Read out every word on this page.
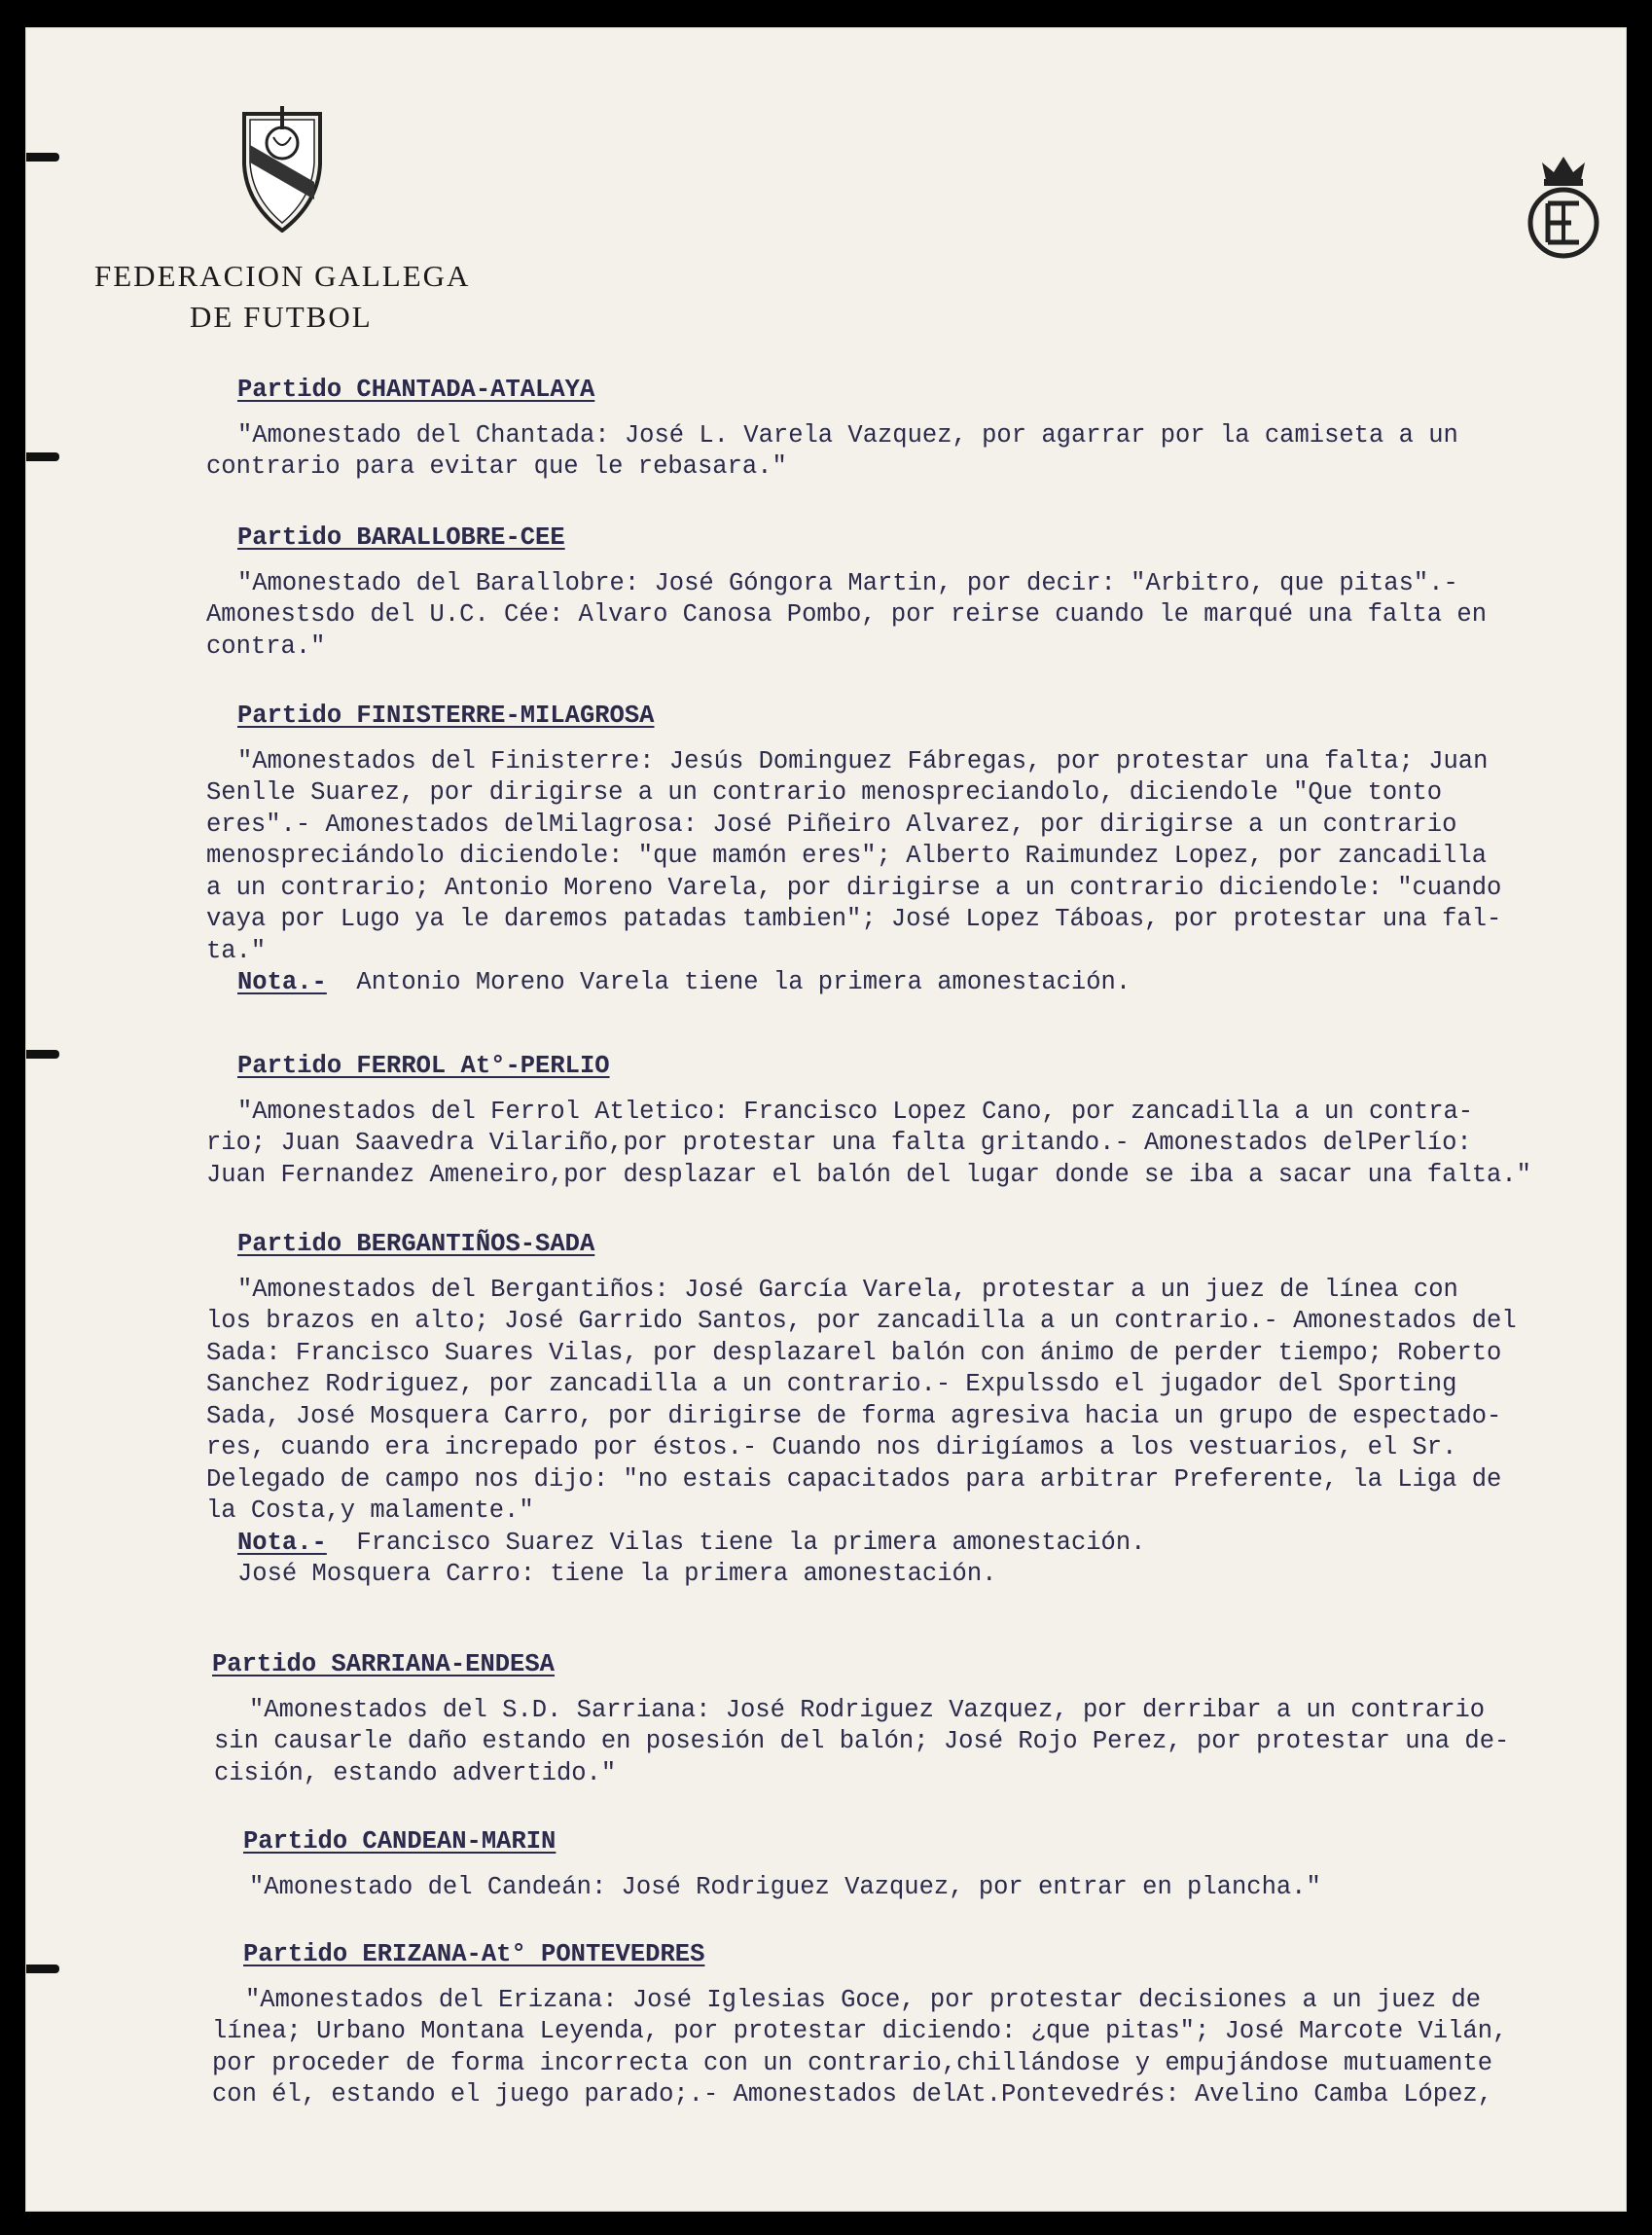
FEDERACION GALLEGA
DE FUTBOL

Partido CHANTADA-ATALAYA

"Amonestado del Chantada: José L. Varela Vazquez, por agarrar por la camiseta a un
contrario para evitar que le rebasara."

Partido BARALLOBRE-CEE

"Amonestado del Barallobre: José Góngora Martin, por decir: "Arbitro, que pitas".-
Amonestsdo del U.C. Cée: Alvaro Canosa Pombo, por reirse cuando le marqué una falta en
contra."

Partido FINISTERRE-MILAGROSA

"Amonestados del Finisterre: Jesús Dominguez Fábregas, por protestar una falta; Juan
Senlle Suarez, por dirigirse a un contrario menospreciandolo, diciendole "Que tonto
eres".- Amonestados delMilagrosa: José Piñeiro Alvarez, por dirigirse a un contrario
menospreciándolo diciendole: "que mamón eres"; Alberto Raimundez Lopez, por zancadilla
a un contrario; Antonio Moreno Varela, por dirigirse a un contrario diciendole: "cuando
vaya por Lugo ya le daremos patadas tambien"; José Lopez Táboas, por protestar una fal-
ta."

Nota.-  Antonio Moreno Varela tiene la primera amonestación.

Partido FERROL At°-PERLIO

"Amonestados del Ferrol Atletico: Francisco Lopez Cano, por zancadilla a un contra-
rio; Juan Saavedra Vilariño,por protestar una falta gritando.- Amonestados delPerlío:
Juan Fernandez Ameneiro,por desplazar el balón del lugar donde se iba a sacar una falta."

Partido BERGANTIÑOS-SADA

"Amonestados del Bergantiños: José García Varela, protestar a un juez de línea con
los brazos en alto; José Garrido Santos, por zancadilla a un contrario.- Amonestados del
Sada: Francisco Suares Vilas, por desplazarel balón con ánimo de perder tiempo; Roberto
Sanchez Rodriguez, por zancadilla a un contrario.- Expulssdo el jugador del Sporting
Sada, José Mosquera Carro, por dirigirse de forma agresiva hacia un grupo de espectado-
res, cuando era increpado por éstos.- Cuando nos dirigíamos a los vestuarios, el Sr.
Delegado de campo nos dijo: "no estais capacitados para arbitrar Preferente, la Liga de
la Costa,y malamente."

Nota.-  Francisco Suarez Vilas tiene la primera amonestación.

José Mosquera Carro: tiene la primera amonestación.

Partido SARRIANA-ENDESA

"Amonestados del S.D. Sarriana: José Rodriguez Vazquez, por derribar a un contrario
sin causarle daño estando en posesión del balón; José Rojo Perez, por protestar una de-
cisión, estando advertido."

Partido CANDEAN-MARIN

"Amonestado del Candeán: José Rodriguez Vazquez, por entrar en plancha."

Partido ERIZANA-At° PONTEVEDRES

"Amonestados del Erizana: José Iglesias Goce, por protestar decisiones a un juez de
línea; Urbano Montana Leyenda, por protestar diciendo: ¿que pitas"; José Marcote Vilán,
por proceder de forma incorrecta con un contrario,chillándose y empujándose mutuamente
con él, estando el juego parado;.- Amonestados delAt.Pontevedrés: Avelino Camba López,
